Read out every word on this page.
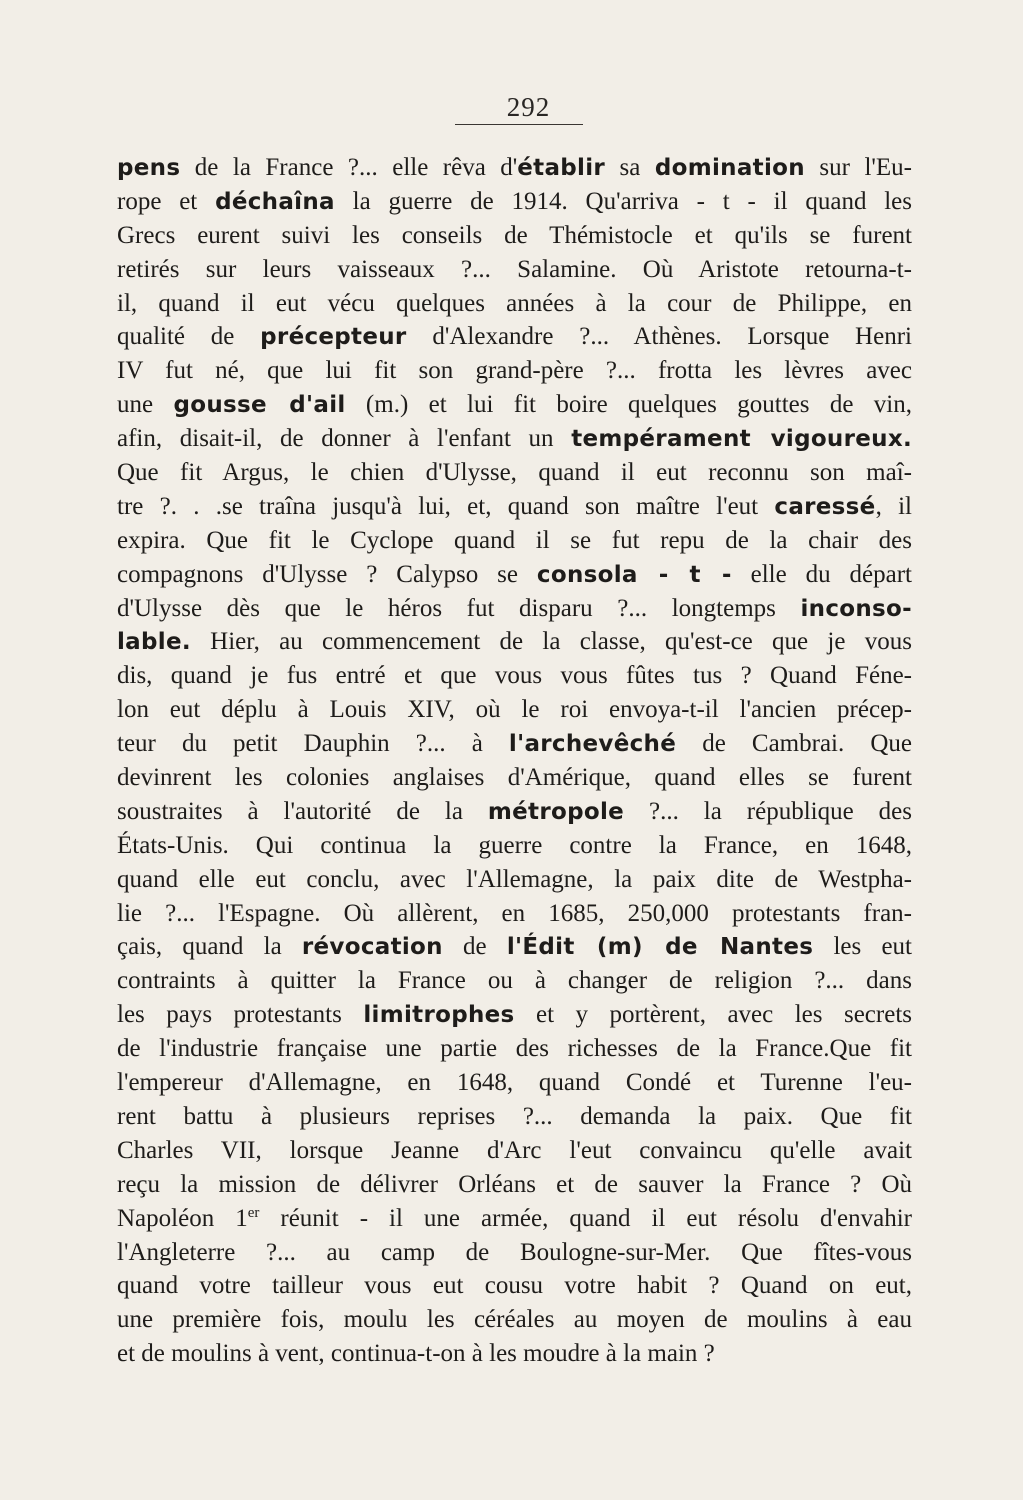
292
pens de la France ?... elle rêva d'établir sa domination sur l'Eu-
rope et déchaîna la guerre de 1914. Qu'arriva - t - il quand les
Grecs eurent suivi les conseils de Thémistocle et qu'ils se furent
retirés sur leurs vaisseaux ?... Salamine. Où Aristote retourna-t-
il, quand il eut vécu quelques années à la cour de Philippe, en
qualité de précepteur d'Alexandre ?... Athènes. Lorsque Henri
IV fut né, que lui fit son grand-père ?... frotta les lèvres avec
une gousse d'ail (m.) et lui fit boire quelques gouttes de vin,
afin, disait-il, de donner à l'enfant un tempérament vigoureux.
Que fit Argus, le chien d'Ulysse, quand il eut reconnu son maî-
tre ?. . .se traîna jusqu'à lui, et, quand son maître l'eut caressé, il
expira. Que fit le Cyclope quand il se fut repu de la chair des
compagnons d'Ulysse ? Calypso se consola - t - elle du départ
d'Ulysse dès que le héros fut disparu ?... longtemps inconso-
lable. Hier, au commencement de la classe, qu'est-ce que je vous
dis, quand je fus entré et que vous vous fûtes tus ? Quand Féne-
lon eut déplu à Louis XIV, où le roi envoya-t-il l'ancien précep-
teur du petit Dauphin ?... à l'archevêché de Cambrai. Que
devinrent les colonies anglaises d'Amérique, quand elles se furent
soustraites à l'autorité de la métropole ?... la république des
États-Unis. Qui continua la guerre contre la France, en 1648,
quand elle eut conclu, avec l'Allemagne, la paix dite de Westpha-
lie ?... l'Espagne. Où allèrent, en 1685, 250,000 protestants fran-
çais, quand la révocation de l'Édit (m) de Nantes les eut
contraints à quitter la France ou à changer de religion ?... dans
les pays protestants limitrophes et y portèrent, avec les secrets
de l'industrie française une partie des richesses de la France.Que fit
l'empereur d'Allemagne, en 1648, quand Condé et Turenne l'eu-
rent battu à plusieurs reprises ?... demanda la paix. Que fit
Charles VII, lorsque Jeanne d'Arc l'eut convaincu qu'elle avait
reçu la mission de délivrer Orléans et de sauver la France ? Où
Napoléon 1er réunit - il une armée, quand il eut résolu d'envahir
l'Angleterre ?... au camp de Boulogne-sur-Mer. Que fîtes-vous
quand votre tailleur vous eut cousu votre habit ? Quand on eut,
une première fois, moulu les céréales au moyen de moulins à eau
et de moulins à vent, continua-t-on à les moudre à la main ?
